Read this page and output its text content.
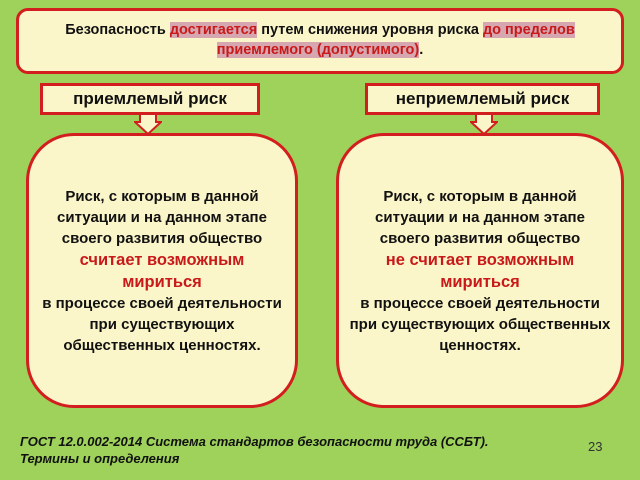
Безопасность достигается путем снижения уровня риска до пределов приемлемого (допустимого).
приемлемый риск	неприемлемый риск
Риск, с которым в данной ситуации и на данном этапе своего развития общество
считает возможным мириться
в процессе своей деятельности при существующих общественных ценностях.
Риск, с которым в данной ситуации и на данном этапе своего развития общество
не считает возможным мириться
в процессе своей деятельности при существующих общественных ценностях.
ГОСТ 12.0.002-2014 Система стандартов безопасности труда (ССБТ).
Термины и определения
23
